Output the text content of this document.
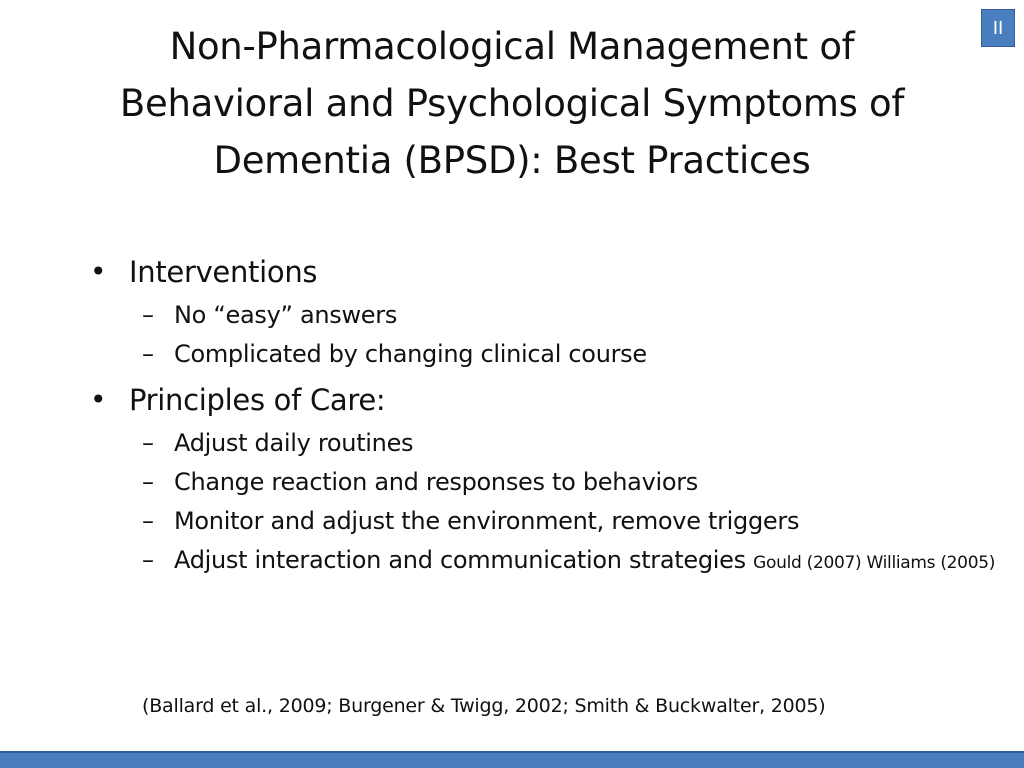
Non-Pharmacological Management of
Behavioral and Psychological Symptoms of
Dementia (BPSD): Best Practices
II
• Interventions
– No “easy” answers
– Complicated by changing clinical course
• Principles of Care:
– Adjust daily routines
– Change reaction and responses to behaviors
– Monitor and adjust the environment, remove triggers
– Adjust interaction and communication strategies Gould (2007) Williams (2005)
(Ballard et al., 2009; Burgener & Twigg, 2002; Smith & Buckwalter, 2005)
